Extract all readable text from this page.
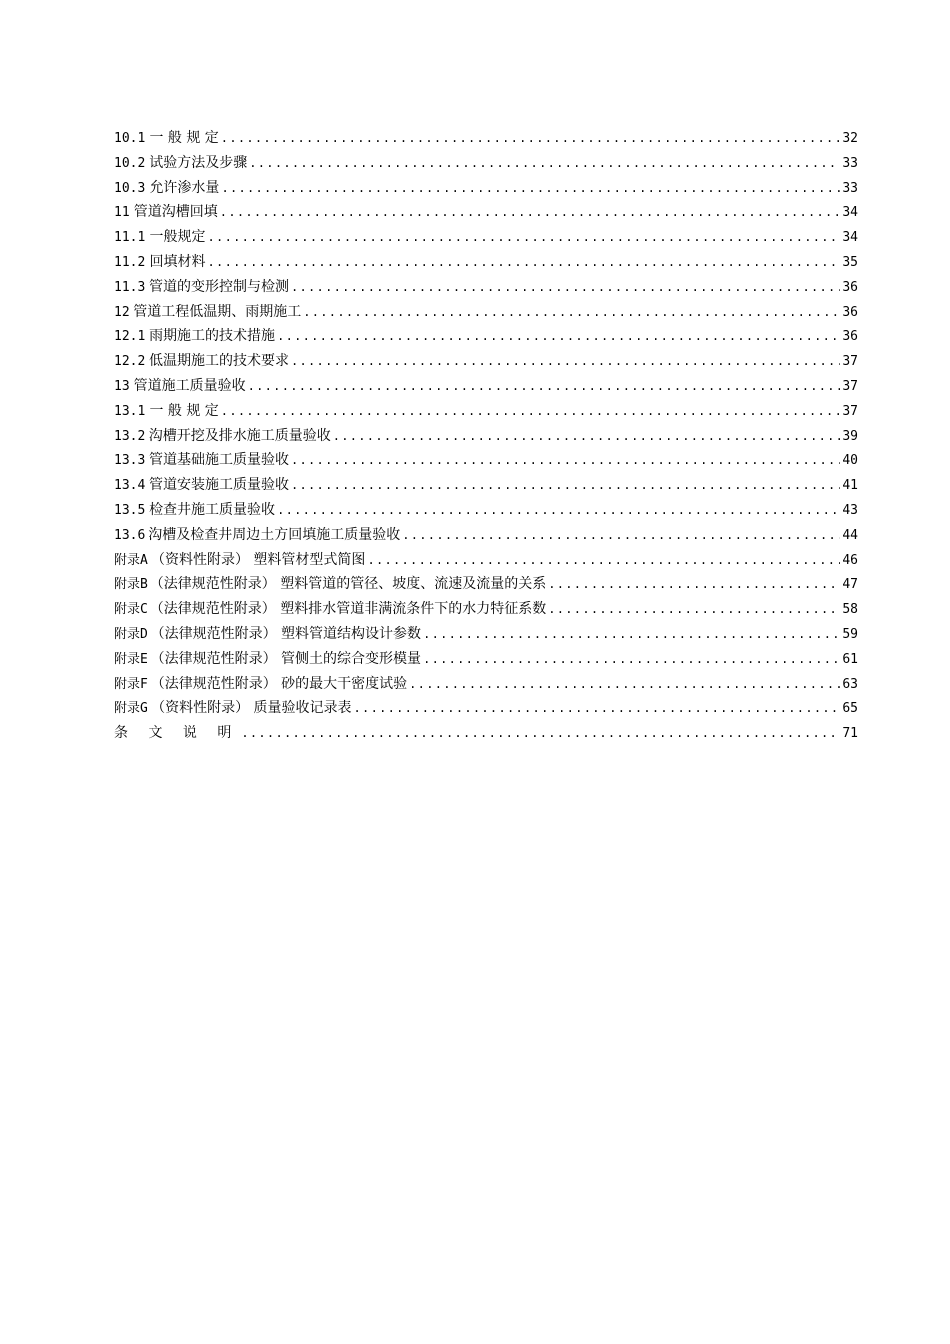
10.1 一 般 规 定 .....	32
10.2 试验方法及步骤 .....	33
10.3 允许渗水量 .....	33
11 管道沟槽回填 .....	34
11.1 一般规定 .....	34
11.2 回填材料 .....	35
11.3 管道的变形控制与检测 .....	36
12 管道工程低温期、雨期施工 .....	36
12.1 雨期施工的技术措施 .....	36
12.2 低温期施工的技术要求 .....	37
13 管道施工质量验收 .....	37
13.1 一 般 规 定 .....	37
13.2 沟槽开挖及排水施工质量验收 .....	39
13.3 管道基础施工质量验收 .....	40
13.4 管道安装施工质量验收 .....	41
13.5 检查井施工质量验收 .....	43
13.6 沟槽及检查井周边土方回填施工质量验收 .....	44
附录A （资料性附录） 塑料管材型式简图 .....	46
附录B （法律规范性附录） 塑料管道的管径、坡度、流速及流量的关系 .....	47
附录C （法律规范性附录） 塑料排水管道非满流条件下的水力特征系数 .....	58
附录D （法律规范性附录） 塑料管道结构设计参数 .....	59
附录E （法律规范性附录） 管侧土的综合变形模量 .....	61
附录F （法律规范性附录） 砂的最大干密度试验 .....	63
附录G （资料性附录） 质量验收记录表 .....	65
条 文 说 明 .....	71
